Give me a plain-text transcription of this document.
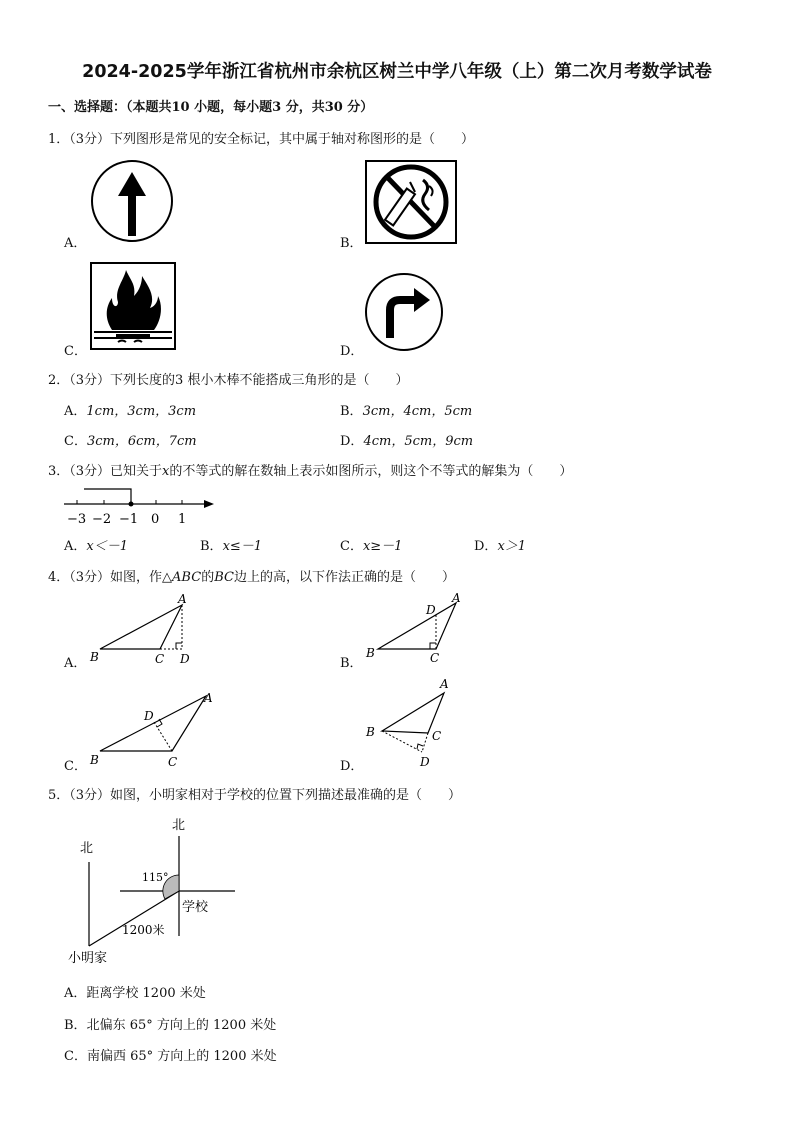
2024-2025学年浙江省杭州市余杭区树兰中学八年级（上）第二次月考数学试卷
一、选择题：（本题共10 小题，每小题3 分，共30 分）
1．（3分）下列图形是常见的安全标记，其中属于轴对称图形的是（　　）
A．	B．
C．	D．
2．（3分）下列长度的3 根小木棒不能搭成三角形的是（　　）
A．1cm，3cm，3cm	B．3cm，4cm，5cm
C．3cm，6cm，7cm	D．4cm，5cm，9cm
3．（3分）已知关于x的不等式的解在数轴上表示如图所示，则这个不等式的解集为（　　）
−3 −2 −1 0 1
A．x＜－1	B．x≤－1	C．x≥－1	D．x＞1
4．（3分）如图，作△ABC的BC边上的高，以下作法正确的是（　　）
A．
A
B	C D	B．
A
D
B	C
C．
A
D
B	C	D．
A
B	C
D
5．（3分）如图，小明家相对于学校的位置下列描述最准确的是（　　）
北
北
115°
学校
1200米
小明家
A．距离学校 1200 米处
B．北偏东 65° 方向上的 1200 米处
C．南偏西 65° 方向上的 1200 米处
